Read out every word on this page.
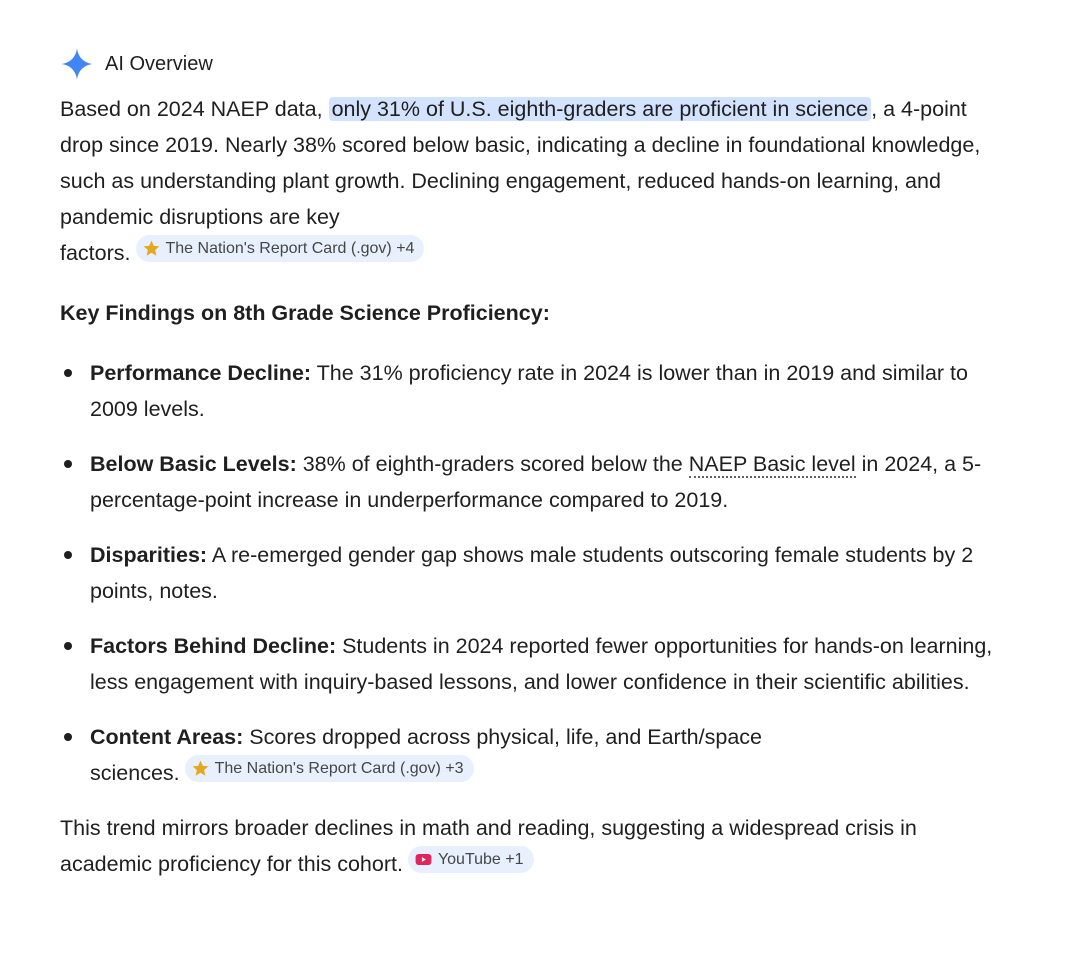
AI Overview

Based on 2024 NAEP data, only 31% of U.S. eighth-graders are proficient in science , a 4-point drop since 2019. Nearly 38% scored below basic, indicating a decline in foundational knowledge, such as understanding plant growth. Declining engagement, reduced hands-on learning, and pandemic disruptions are key
factors. The Nation's Report Card (.gov) +4

Key Findings on 8th Grade Science Proficiency:

Performance Decline: The 31% proficiency rate in 2024 is lower than in 2019 and similar to 2009 levels.
Below Basic Levels: 38% of eighth-graders scored below the NAEP Basic level in 2024, a 5-percentage-point increase in underperformance compared to 2019.
Disparities: A re-emerged gender gap shows male students outscoring female students by 2 points, notes.
Factors Behind Decline: Students in 2024 reported fewer opportunities for hands-on learning, less engagement with inquiry-based lessons, and lower confidence in their scientific abilities.
Content Areas: Scores dropped across physical, life, and Earth/space
sciences. The Nation's Report Card (.gov) +3

This trend mirrors broader declines in math and reading, suggesting a widespread crisis in academic proficiency for this cohort. YouTube +1
